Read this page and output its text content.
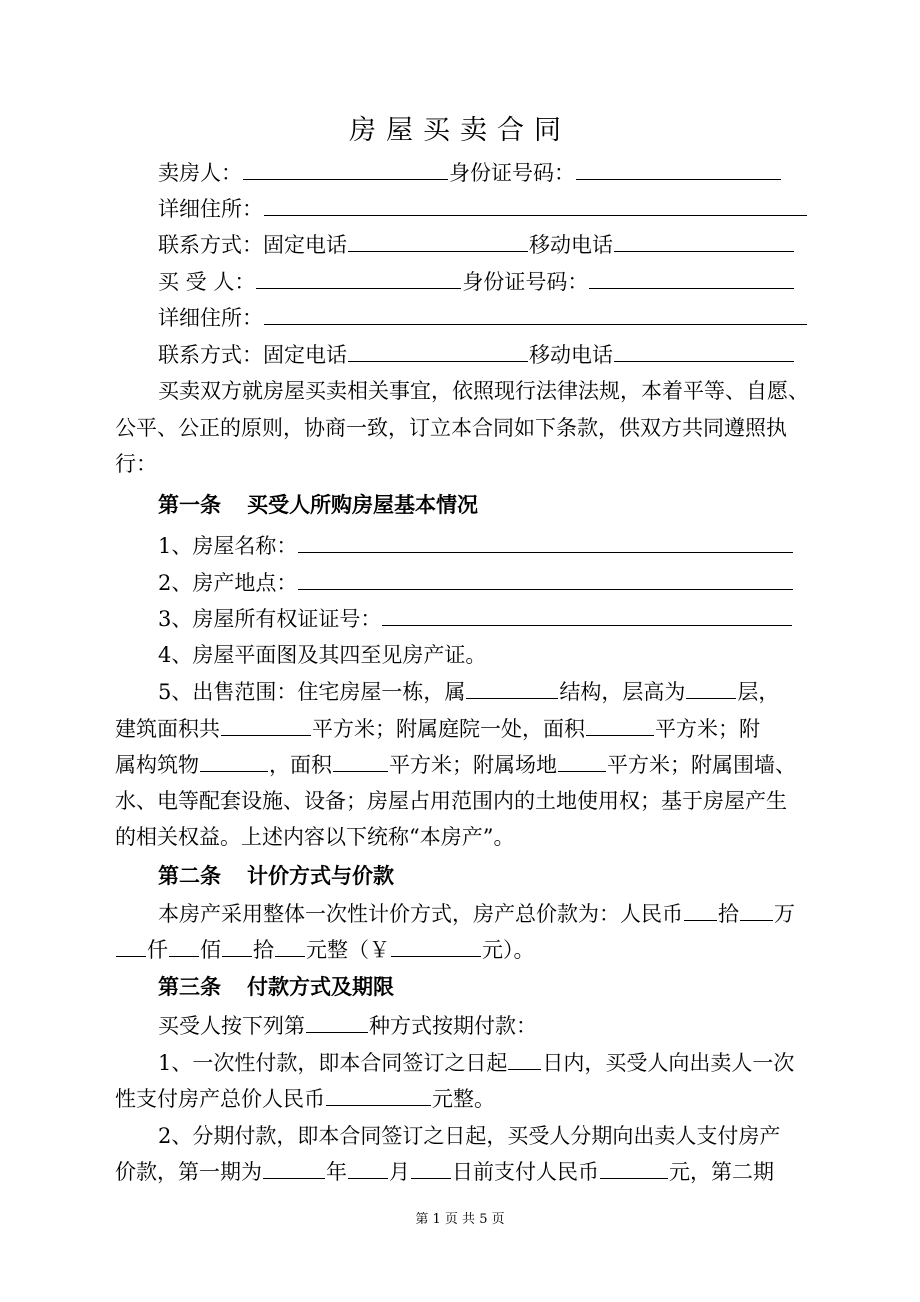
房屋买卖合同
卖房人：	身份证号码：
详细住所：
联系方式：固定电话	移动电话
买 受 人：	身份证号码：
详细住所：
联系方式：固定电话	移动电话
买卖双方就房屋买卖相关事宜，依照现行法律法规，本着平等、自愿、
公平、公正的原则，协商一致，订立本合同如下条款，供双方共同遵照执
行：
第一条 买受人所购房屋基本情况
1、房屋名称：
2、房产地点：
3、房屋所有权证证号：
4、房屋平面图及其四至见房产证。
5、出售范围：住宅房屋一栋，属	结构，层高为 层，
建筑面积共	平方米；附属庭院一处，面积	平方米；附
属构筑物	，面积	平方米；附属场地 平方米；附属围墙、
水、电等配套设施、设备；房屋占用范围内的土地使用权；基于房屋产生
的相关权益。上述内容以下统称“本房产”。
第二条 计价方式与价款
本房产采用整体一次性计价方式，房产总价款为：人民币 拾 万
仟 佰 拾 元整（￥	元）。
第三条 付款方式及期限
买受人按下列第	种方式按期付款：
1、一次性付款，即本合同签订之日起 日内，买受人向出卖人一次
性支付房产总价人民币	元整。
2、分期付款，即本合同签订之日起，买受人分期向出卖人支付房产
价款，第一期为	年 月 日前支付人民币	元，第二期
第 1 页 共 5 页
